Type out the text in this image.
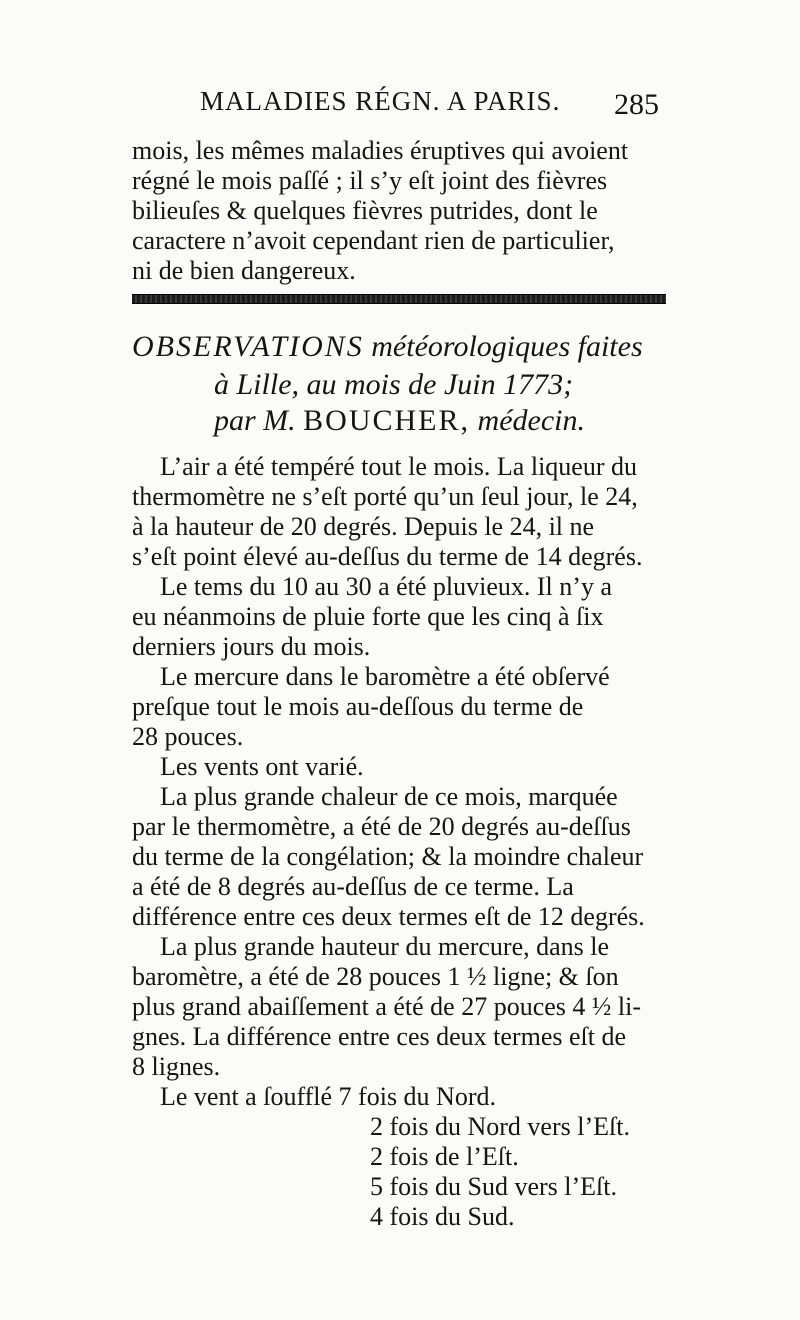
MALADIES RÉGN. A PARIS. 285
mois, les mêmes maladies éruptives qui avoient
régné le mois paſſé ; il s’y eſt joint des fièvres
bilieuſes & quelques fièvres putrides, dont le
caractere n’avoit cependant rien de particulier,
ni de bien dangereux.
OBSERVATIONS météorologiques faites
à Lille, au mois de Juin 1773;
par M. BOUCHER, médecin.
L’air a été tempéré tout le mois. La liqueur du
thermomètre ne s’eſt porté qu’un ſeul jour, le 24,
à la hauteur de 20 degrés. Depuis le 24, il ne
s’eſt point élevé au-deſſus du terme de 14 degrés.
Le tems du 10 au 30 a été pluvieux. Il n’y a
eu néanmoins de pluie forte que les cinq à ſix
derniers jours du mois.
Le mercure dans le baromètre a été obſervé
preſque tout le mois au-deſſous du terme de
28 pouces.
Les vents ont varié.
La plus grande chaleur de ce mois, marquée
par le thermomètre, a été de 20 degrés au-deſſus
du terme de la congélation; & la moindre chaleur
a été de 8 degrés au-deſſus de ce terme. La
différence entre ces deux termes eſt de 12 degrés.
La plus grande hauteur du mercure, dans le
baromètre, a été de 28 pouces 1 ½ ligne; & ſon
plus grand abaiſſement a été de 27 pouces 4 ½ li-
gnes. La différence entre ces deux termes eſt de
8 lignes.
Le vent a ſoufflé 7 fois du Nord.
2 fois du Nord vers l’Eſt.
2 fois de l’Eſt.
5 fois du Sud vers l’Eſt.
4 fois du Sud.
